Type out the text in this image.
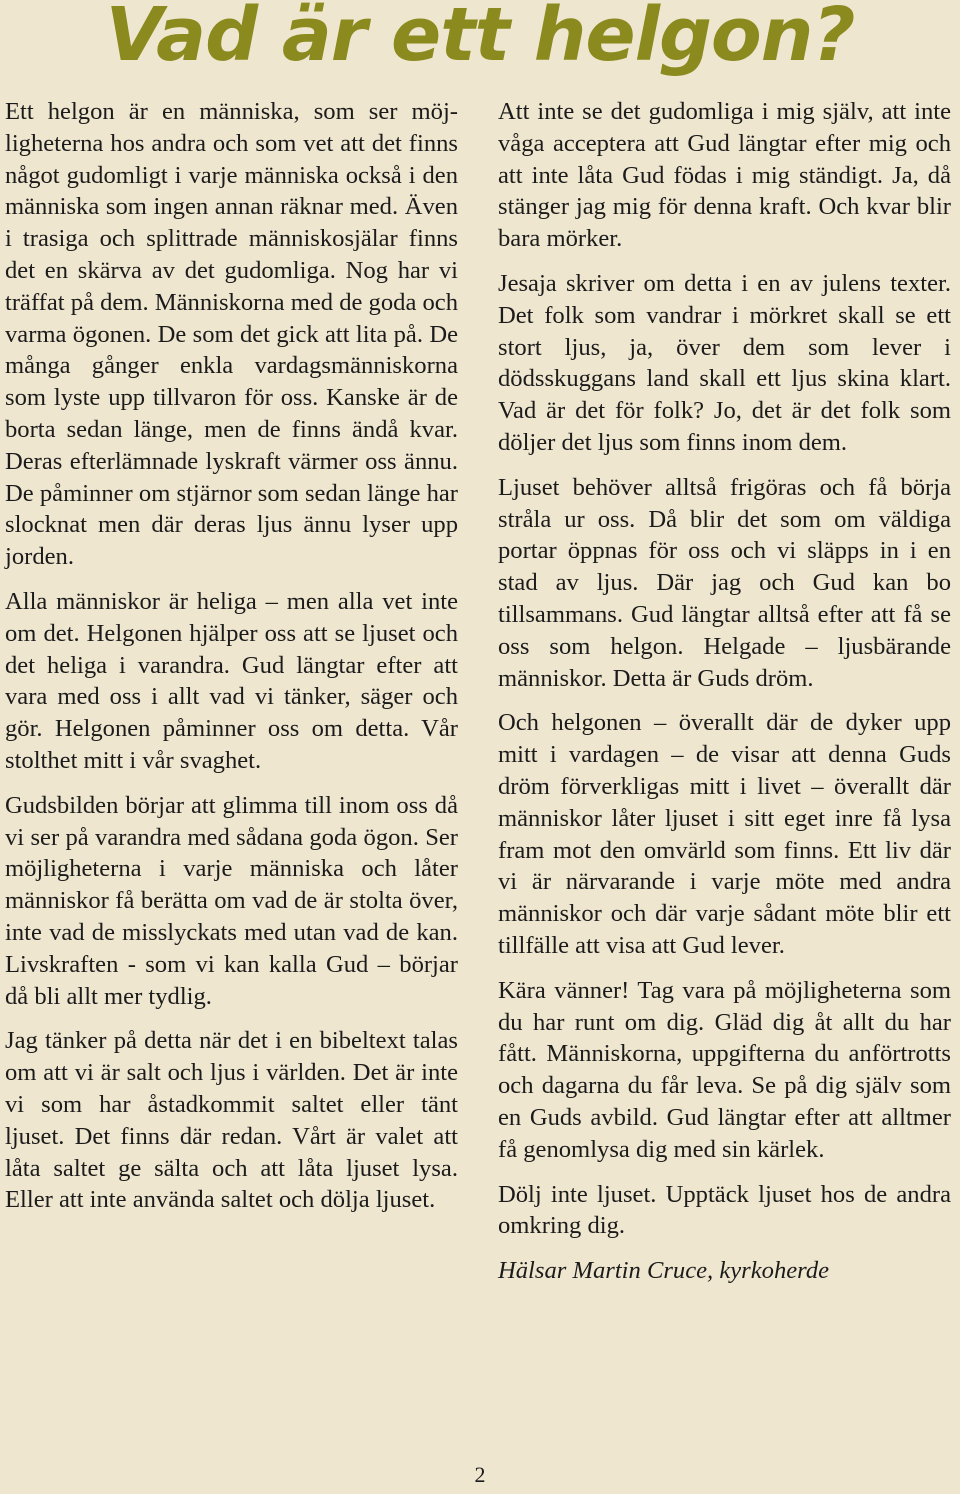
Vad är ett helgon?

Ett helgon är en människa, som ser möjligheterna hos andra och som vet att det finns något gudomligt i varje människa också i den människa som ingen annan räknar med. Även i trasiga och splittrade människosjälar finns det en skärva av det gudomliga. Nog har vi träffat på dem. Människorna med de goda och varma ögonen. De som det gick att lita på. De många gånger enkla vardagsmänniskorna som lyste upp tillvaron för oss. Kanske är de borta sedan länge, men de finns ändå kvar. Deras efterlämnade lyskraft värmer oss ännu. De påminner om stjärnor som sedan länge har slocknat men där deras ljus ännu lyser upp jorden.

Alla människor är heliga – men alla vet inte om det. Helgonen hjälper oss att se ljuset och det heliga i varandra. Gud längtar efter att vara med oss i allt vad vi tänker, säger och gör. Helgonen påminner oss om detta. Vår stolthet mitt i vår svaghet.

Gudsbilden börjar att glimma till inom oss då vi ser på varandra med sådana goda ögon. Ser möjligheterna i varje människa och låter människor få berätta om vad de är stolta över, inte vad de misslyckats med utan vad de kan. Livskraften - som vi kan kalla Gud – börjar då bli allt mer tydlig.

Jag tänker på detta när det i en bibeltext talas om att vi är salt och ljus i världen. Det är inte vi som har åstadkommit saltet eller tänt ljuset. Det finns där redan. Vårt är valet att låta saltet ge sälta och att låta ljuset lysa. Eller att inte använda saltet och dölja ljuset.

Att inte se det gudomliga i mig själv, att inte våga acceptera att Gud längtar efter mig och att inte låta Gud födas i mig ständigt. Ja, då stänger jag mig för denna kraft. Och kvar blir bara mörker.

Jesaja skriver om detta i en av julens texter. Det folk som vandrar i mörkret skall se ett stort ljus, ja, över dem som lever i dödsskuggans land skall ett ljus skina klart. Vad är det för folk? Jo, det är det folk som döljer det ljus som finns inom dem.

Ljuset behöver alltså frigöras och få börja stråla ur oss. Då blir det som om väldiga portar öppnas för oss och vi släpps in i en stad av ljus. Där jag och Gud kan bo tillsammans. Gud längtar alltså efter att få se oss som helgon. Helgade – ljusbärande människor. Detta är Guds dröm.

Och helgonen – överallt där de dyker upp mitt i vardagen – de visar att denna Guds dröm förverkligas mitt i livet – överallt där människor låter ljuset i sitt eget inre få lysa fram mot den omvärld som finns. Ett liv där vi är närvarande i varje möte med andra människor och där varje sådant möte blir ett tillfälle att visa att Gud lever.

Kära vänner! Tag vara på möjligheterna som du har runt om dig. Gläd dig åt allt du har fått. Människorna, uppgifterna du anförtrotts och dagarna du får leva. Se på dig själv som en Guds avbild. Gud längtar efter att alltmer få genomlysa dig med sin kärlek.

Dölj inte ljuset. Upptäck ljuset hos de andra omkring dig.

Hälsar Martin Cruce, kyrkoherde

2
